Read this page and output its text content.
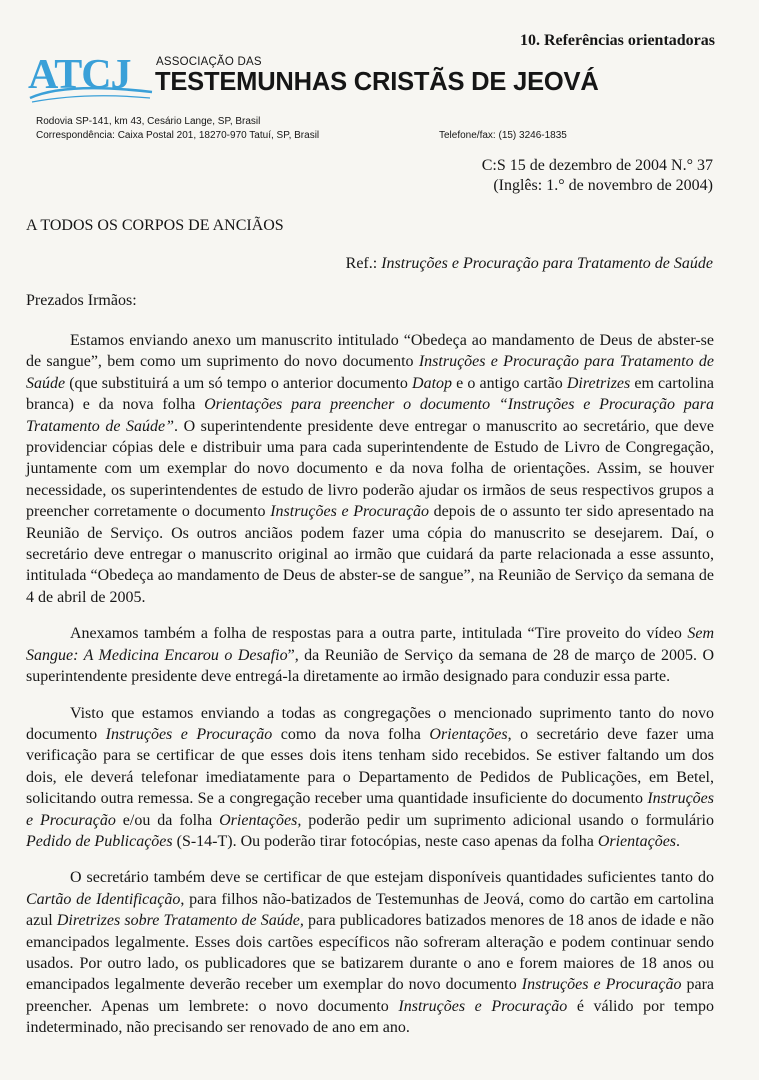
10. Referências orientadoras
ATCJ ASSOCIAÇÃO DAS
TESTEMUNHAS CRISTÃS DE JEOVÁ
Rodovia SP-141, km 43, Cesário Lange, SP, Brasil
Correspondência: Caixa Postal 201, 18270-970 Tatuí, SP, Brasil	Telefone/fax: (15) 3246-1835
C:S 15 de dezembro de 2004 N.° 37
(Inglês: 1.° de novembro de 2004)
A TODOS OS CORPOS DE ANCIÃOS
Ref.: Instruções e Procuração para Tratamento de Saúde
Prezados Irmãos:

Estamos enviando anexo um manuscrito intitulado “Obedeça ao mandamento de Deus de abster-se de sangue”, bem como um suprimento do novo documento Instruções e Procuração para Tratamento de Saúde (que substituirá a um só tempo o anterior documento Datop e o antigo cartão Diretrizes em cartolina branca) e da nova folha Orientações para preencher o documento “Instruções e Procuração para Tratamento de Saúde”. O superintendente presidente deve entregar o manuscrito ao secretário, que deve providenciar cópias dele e distribuir uma para cada superintendente de Estudo de Livro de Congregação, juntamente com um exemplar do novo documento e da nova folha de orientações. Assim, se houver necessidade, os superintendentes de estudo de livro poderão ajudar os irmãos de seus respectivos grupos a preencher corretamente o documento Instruções e Procuração depois de o assunto ter sido apresentado na Reunião de Serviço. Os outros anciãos podem fazer uma cópia do manuscrito se desejarem. Daí, o secretário deve entregar o manuscrito original ao irmão que cuidará da parte relacionada a esse assunto, intitulada “Obedeça ao mandamento de Deus de abster-se de sangue”, na Reunião de Serviço da semana de 4 de abril de 2005.

Anexamos também a folha de respostas para a outra parte, intitulada “Tire proveito do vídeo Sem Sangue: A Medicina Encarou o Desafio”, da Reunião de Serviço da semana de 28 de março de 2005. O superintendente presidente deve entregá-la diretamente ao irmão designado para conduzir essa parte.

Visto que estamos enviando a todas as congregações o mencionado suprimento tanto do novo documento Instruções e Procuração como da nova folha Orientações, o secretário deve fazer uma verificação para se certificar de que esses dois itens tenham sido recebidos. Se estiver faltando um dos dois, ele deverá telefonar imediatamente para o Departamento de Pedidos de Publicações, em Betel, solicitando outra remessa. Se a congregação receber uma quantidade insuficiente do documento Instruções e Procuração e/ou da folha Orientações, poderão pedir um suprimento adicional usando o formulário Pedido de Publicações (S-14-T). Ou poderão tirar fotocópias, neste caso apenas da folha Orientações.

O secretário também deve se certificar de que estejam disponíveis quantidades suficientes tanto do Cartão de Identificação, para filhos não-batizados de Testemunhas de Jeová, como do cartão em cartolina azul Diretrizes sobre Tratamento de Saúde, para publicadores batizados menores de 18 anos de idade e não emancipados legalmente. Esses dois cartões específicos não sofreram alteração e podem continuar sendo usados. Por outro lado, os publicadores que se batizarem durante o ano e forem maiores de 18 anos ou emancipados legalmente deverão receber um exemplar do novo documento Instruções e Procuração para preencher. Apenas um lembrete: o novo documento Instruções e Procuração é válido por tempo indeterminado, não precisando ser renovado de ano em ano.
